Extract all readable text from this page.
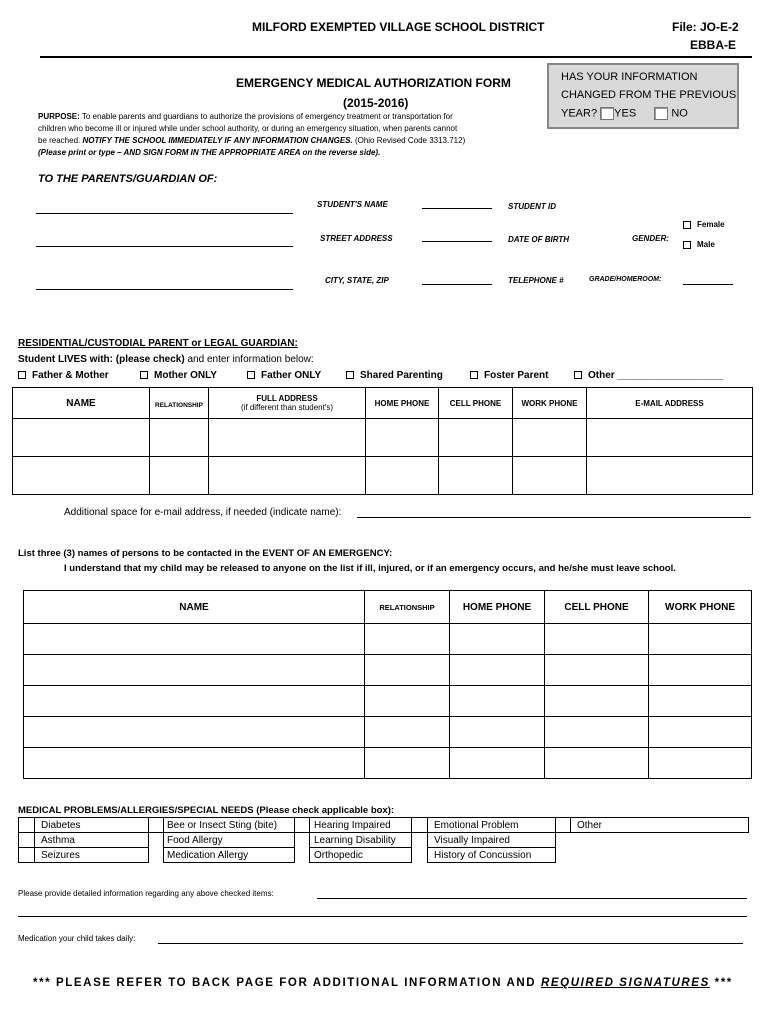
MILFORD EXEMPTED VILLAGE SCHOOL DISTRICT	File: JO-E-2
EBBA-E
EMERGENCY MEDICAL AUTHORIZATION FORM
(2015-2016)
HAS YOUR INFORMATION
CHANGED FROM THE PREVIOUS
YEAR? YES	NO
PURPOSE: To enable parents and guardians to authorize the provisions of emergency treatment or transportation for
children who become ill or injured while under school authority, or during an emergency situation, when parents cannot
be reached. NOTIFY THE SCHOOL IMMEDIATELY IF ANY INFORMATION CHANGES. (Ohio Revised Code 3313.712)
(Please print or type – AND SIGN FORM IN THE APPROPRIATE AREA on the reverse side).
TO THE PARENTS/GUARDIAN OF:
STUDENT'S NAME	STUDENT ID
STREET ADDRESS	DATE OF BIRTH	GENDER:
Female
Male
CITY, STATE, ZIP	TELEPHONE #	GRADE/HOMEROOM:
RESIDENTIAL/CUSTODIAL PARENT or LEGAL GUARDIAN:
Student LIVES with: (please check) and enter information below:
Father & Mother	Mother ONLY	Father ONLY	Shared Parenting	Foster Parent	Other ___________________
NAME	RELATIONSHIP	FULL ADDRESS
(if different than student's)	HOME PHONE	CELL PHONE	WORK PHONE	E-MAIL ADDRESS

Additional space for e-mail address, if needed (indicate name):
List three (3) names of persons to be contacted in the EVENT OF AN EMERGENCY:
I understand that my child may be released to anyone on the list if ill, injured, or if an emergency occurs, and he/she must leave school.
NAME	RELATIONSHIP	HOME PHONE	CELL PHONE	WORK PHONE

MEDICAL PROBLEMS/ALLERGIES/SPECIAL NEEDS (Please check applicable box):
	Diabetes		Bee or Insect Sting (bite)		Hearing Impaired		Emotional Problem		Other
	Asthma		Food Allergy		Learning Disability		Visually Impaired		
	Seizures		Medication Allergy		Orthopedic		History of Concussion		
Please provide detailed information regarding any above checked items:
Medication your child takes daily:
*** PLEASE REFER TO BACK PAGE FOR ADDITIONAL INFORMATION AND REQUIRED SIGNATURES ***
